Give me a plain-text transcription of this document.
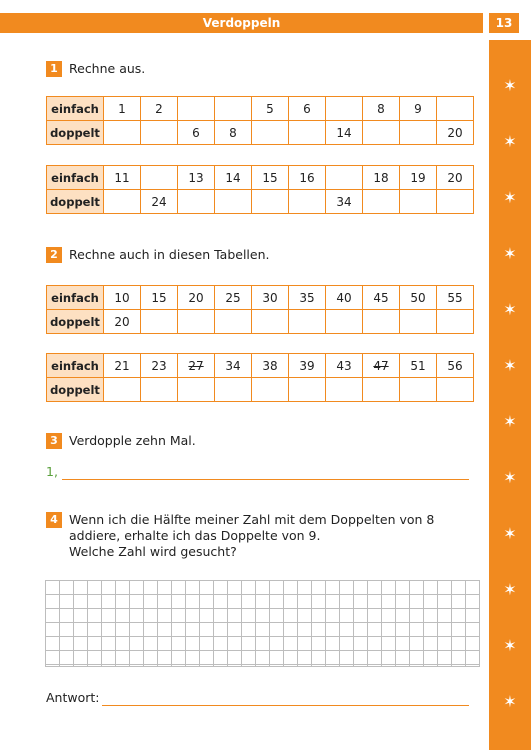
Verdoppeln	13
✶
✶
✶
✶
✶
✶
✶
✶
✶
✶
✶
✶
1 Rechne aus.
einfach	1	2			5	6		8	9	
doppelt			6	8			14			20
einfach	11		13	14	15	16		18	19	20
doppelt		24					34			
2 Rechne auch in diesen Tabellen.
einfach	10	15	20	25	30	35	40	45	50	55
doppelt	20									
einfach	21	23	27	34	38	39	43	47	51	56
doppelt										
3 Verdopple zehn Mal.
1,
4 Wenn ich die Hälfte meiner Zahl mit dem Doppelten von 8
addiere, erhalte ich das Doppelte von 9.
Welche Zahl wird gesucht?
Antwort:
